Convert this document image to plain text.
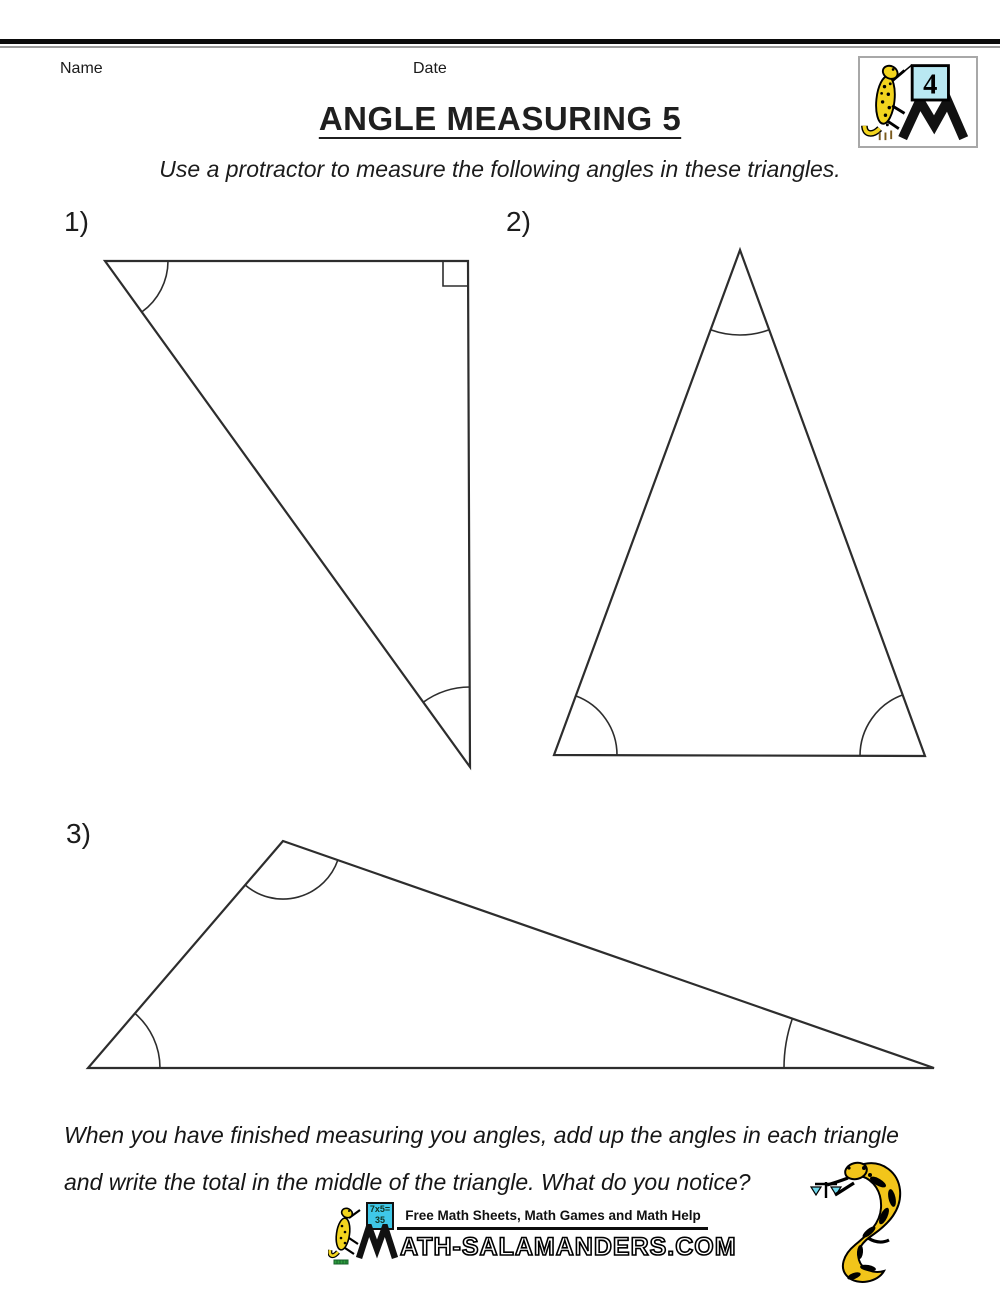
Name	Date	4
ANGLE MEASURING 5
Use a protractor to measure the following angles in these triangles.
1)	2)
3)
When you have finished measuring you angles, add up the angles in each triangle
and write the total in the middle of the triangle. What do you notice?
7x5=
35	Free Math Sheets, Math Games and Math Help
ATH-SALAMANDERS.COM
